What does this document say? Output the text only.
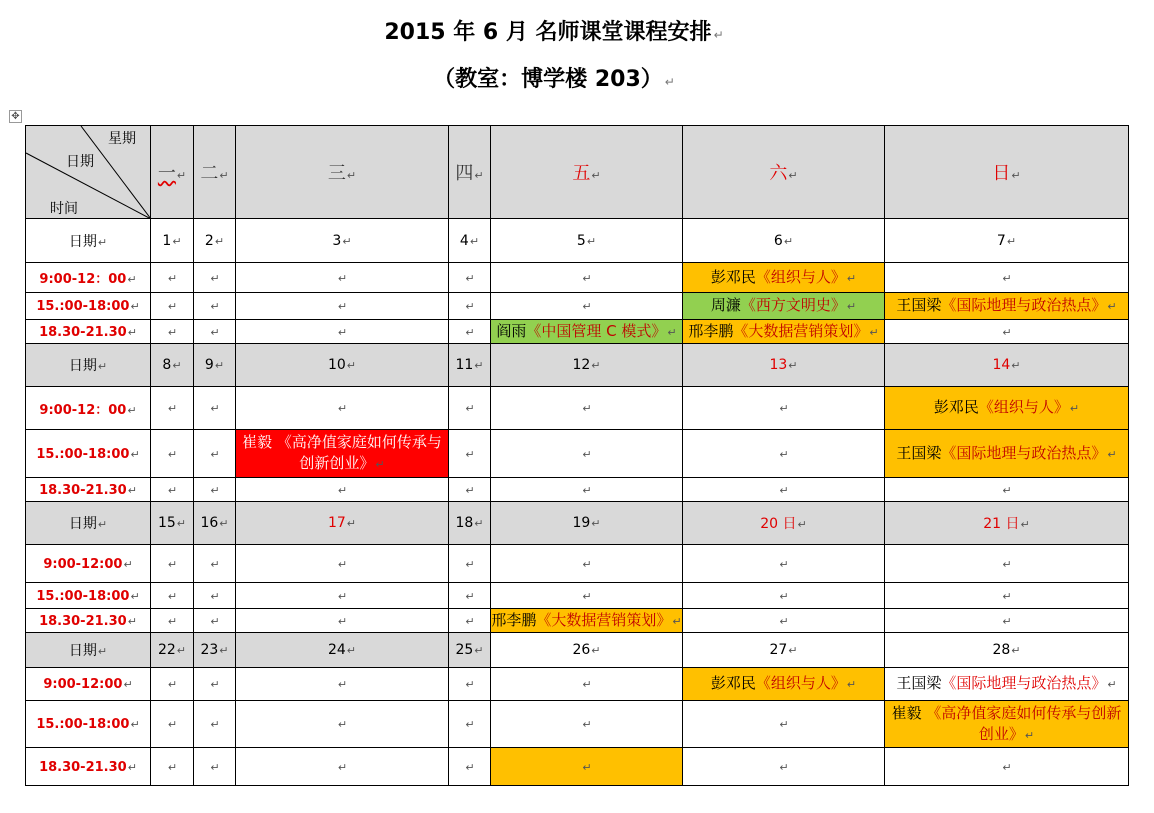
2015 年 6 月 名师课堂课程安排 ↵
（教室：博学楼 203） ↵
✥
星期
日期
时间	一↵	二↵	三↵	四↵	五↵	六↵	日↵
日期↵	1↵	2↵	3↵	4↵	5↵	6↵	7↵
9:00-12：00↵	↵	↵	↵	↵	↵	彭邓民《组织与人》↵	↵
15.:00-18:00↵	↵	↵	↵	↵	↵	周濂《西方文明史》↵	王国梁《国际地理与政治热点》↵

18.30-21.30↵	↵	↵	↵	↵	阎雨《中国管理 C 模式》↵	邢李鹏《大数据营销策划》↵	↵
日期↵	8↵	9↵	10↵	11↵	12↵	13↵	14↵
9:00-12：00↵	↵	↵	↵	↵	↵	↵	彭邓民《组织与人》↵

15.:00-18:00↵	↵	↵	崔毅 《高净值家庭如何传承与创新创业》↵	↵	↵	↵	王国梁《国际地理与政治热点》↵

18.30-21.30↵	↵	↵	↵	↵	↵	↵	↵
日期↵	15↵	16↵	17↵	18↵	19↵	20 日↵	21 日↵
9:00-12:00↵	↵	↵	↵	↵	↵	↵	↵
15.:00-18:00↵	↵	↵	↵	↵	↵	↵	↵
18.30-21.30↵	↵	↵	↵	↵	邢李鹏《大数据营销策划》↵	↵	↵
日期↵	22↵	23↵	24↵	25↵	26↵	27↵	28↵
9:00-12:00↵	↵	↵	↵	↵	↵	彭邓民《组织与人》↵	王国梁《国际地理与政治热点》↵

15.:00-18:00↵	↵	↵	↵	↵	↵	↵	崔毅 《高净值家庭如何传承与创新创业》↵

18.30-21.30↵	↵	↵	↵	↵	↵	↵	↵
